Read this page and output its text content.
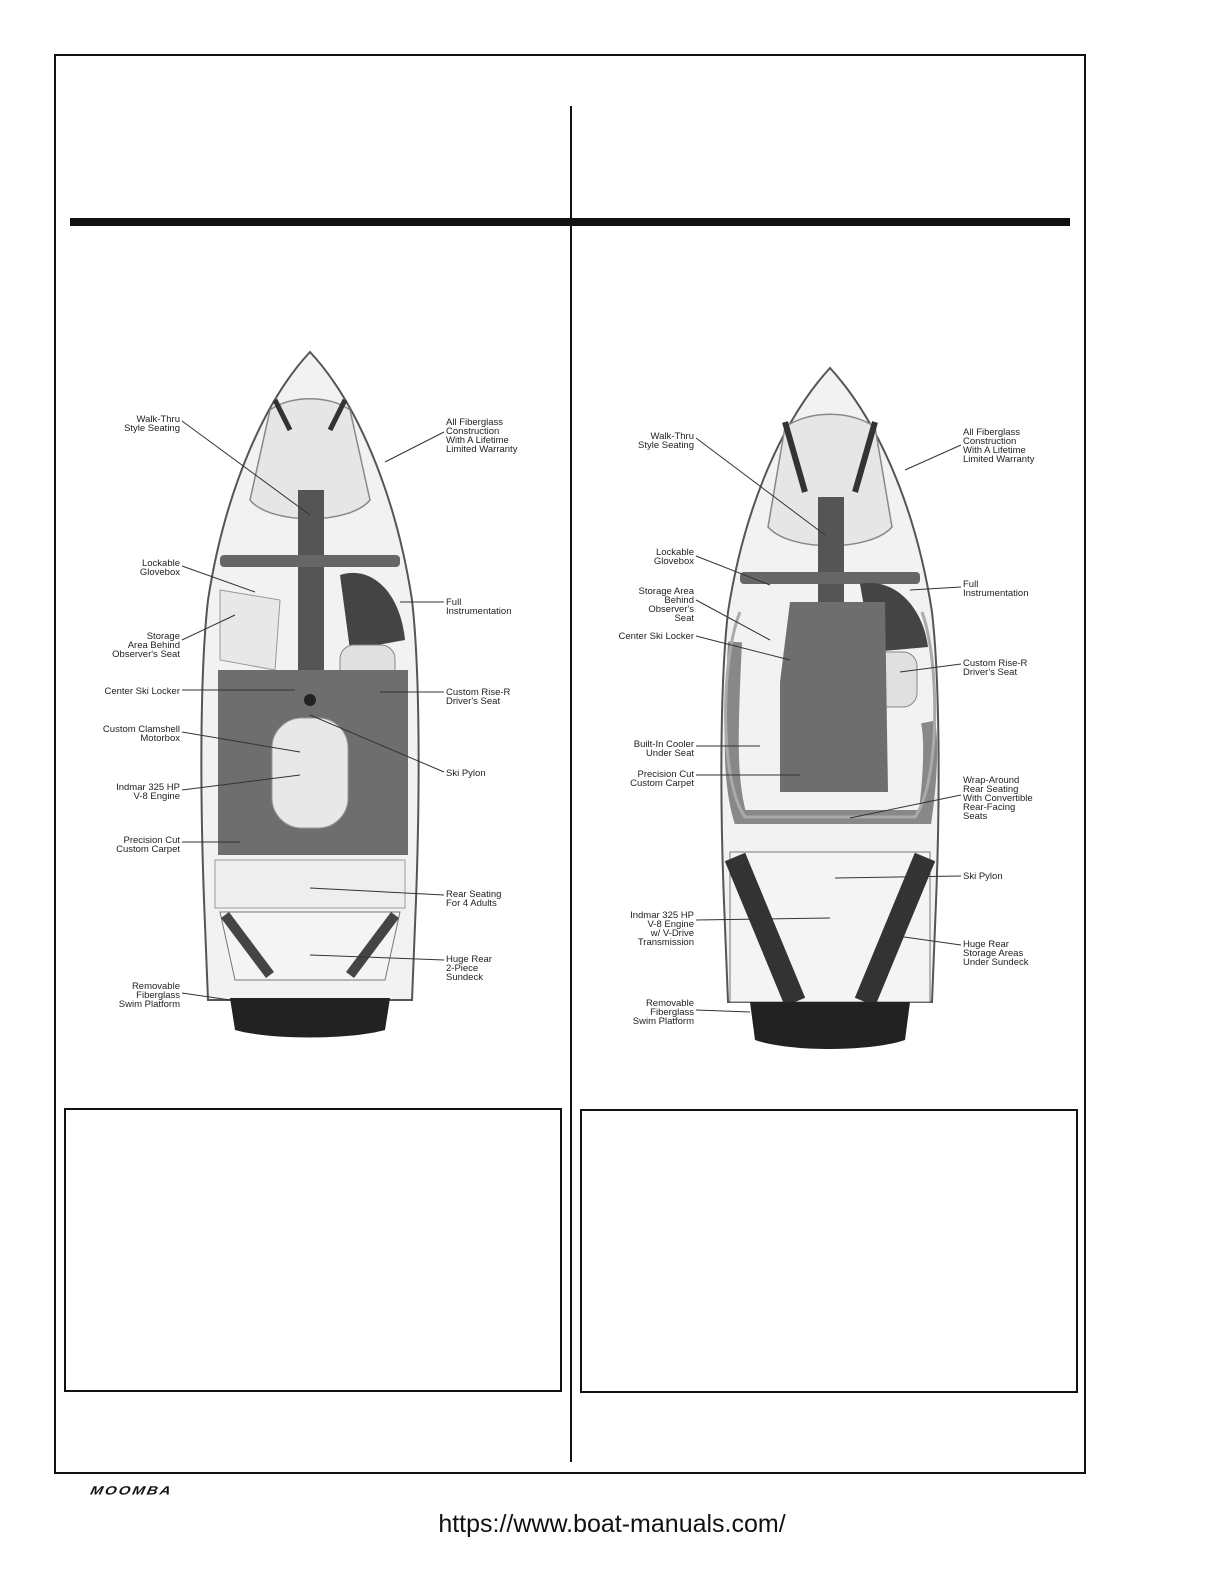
Walk-Thru
Style Seating
All Fiberglass
Construction
With A Lifetime
Limited Warranty
Lockable
Glovebox
Full
Instrumentation
Storage
Area Behind
Observer's Seat
Center Ski Locker	Custom Rise-R
Driver's Seat
Custom Clamshell
Motorbox
Ski Pylon
Indmar 325 HP
V-8 Engine
Precision Cut
Custom Carpet
Rear Seating
For 4 Adults
Huge Rear
2-Piece
Sundeck
Removable
Fiberglass
Swim Platform
Walk-Thru
Style Seating
All Fiberglass
Construction
With A Lifetime
Limited Warranty
Lockable
Glovebox
Full
Instrumentation
Storage Area
Behind
Observer's
Seat
Center Ski Locker
Custom Rise-R
Driver's Seat
Built-In Cooler
Under Seat
Precision Cut
Custom Carpet	Wrap-Around
Rear Seating
With Convertible
Rear-Facing
Seats
Ski Pylon
Indmar 325 HP
V-8 Engine
w/ V-Drive
Transmission	Huge Rear
Storage Areas
Under Sundeck
Removable
Fiberglass
Swim Platform
MOOMBA
https://www.boat-manuals.com/
